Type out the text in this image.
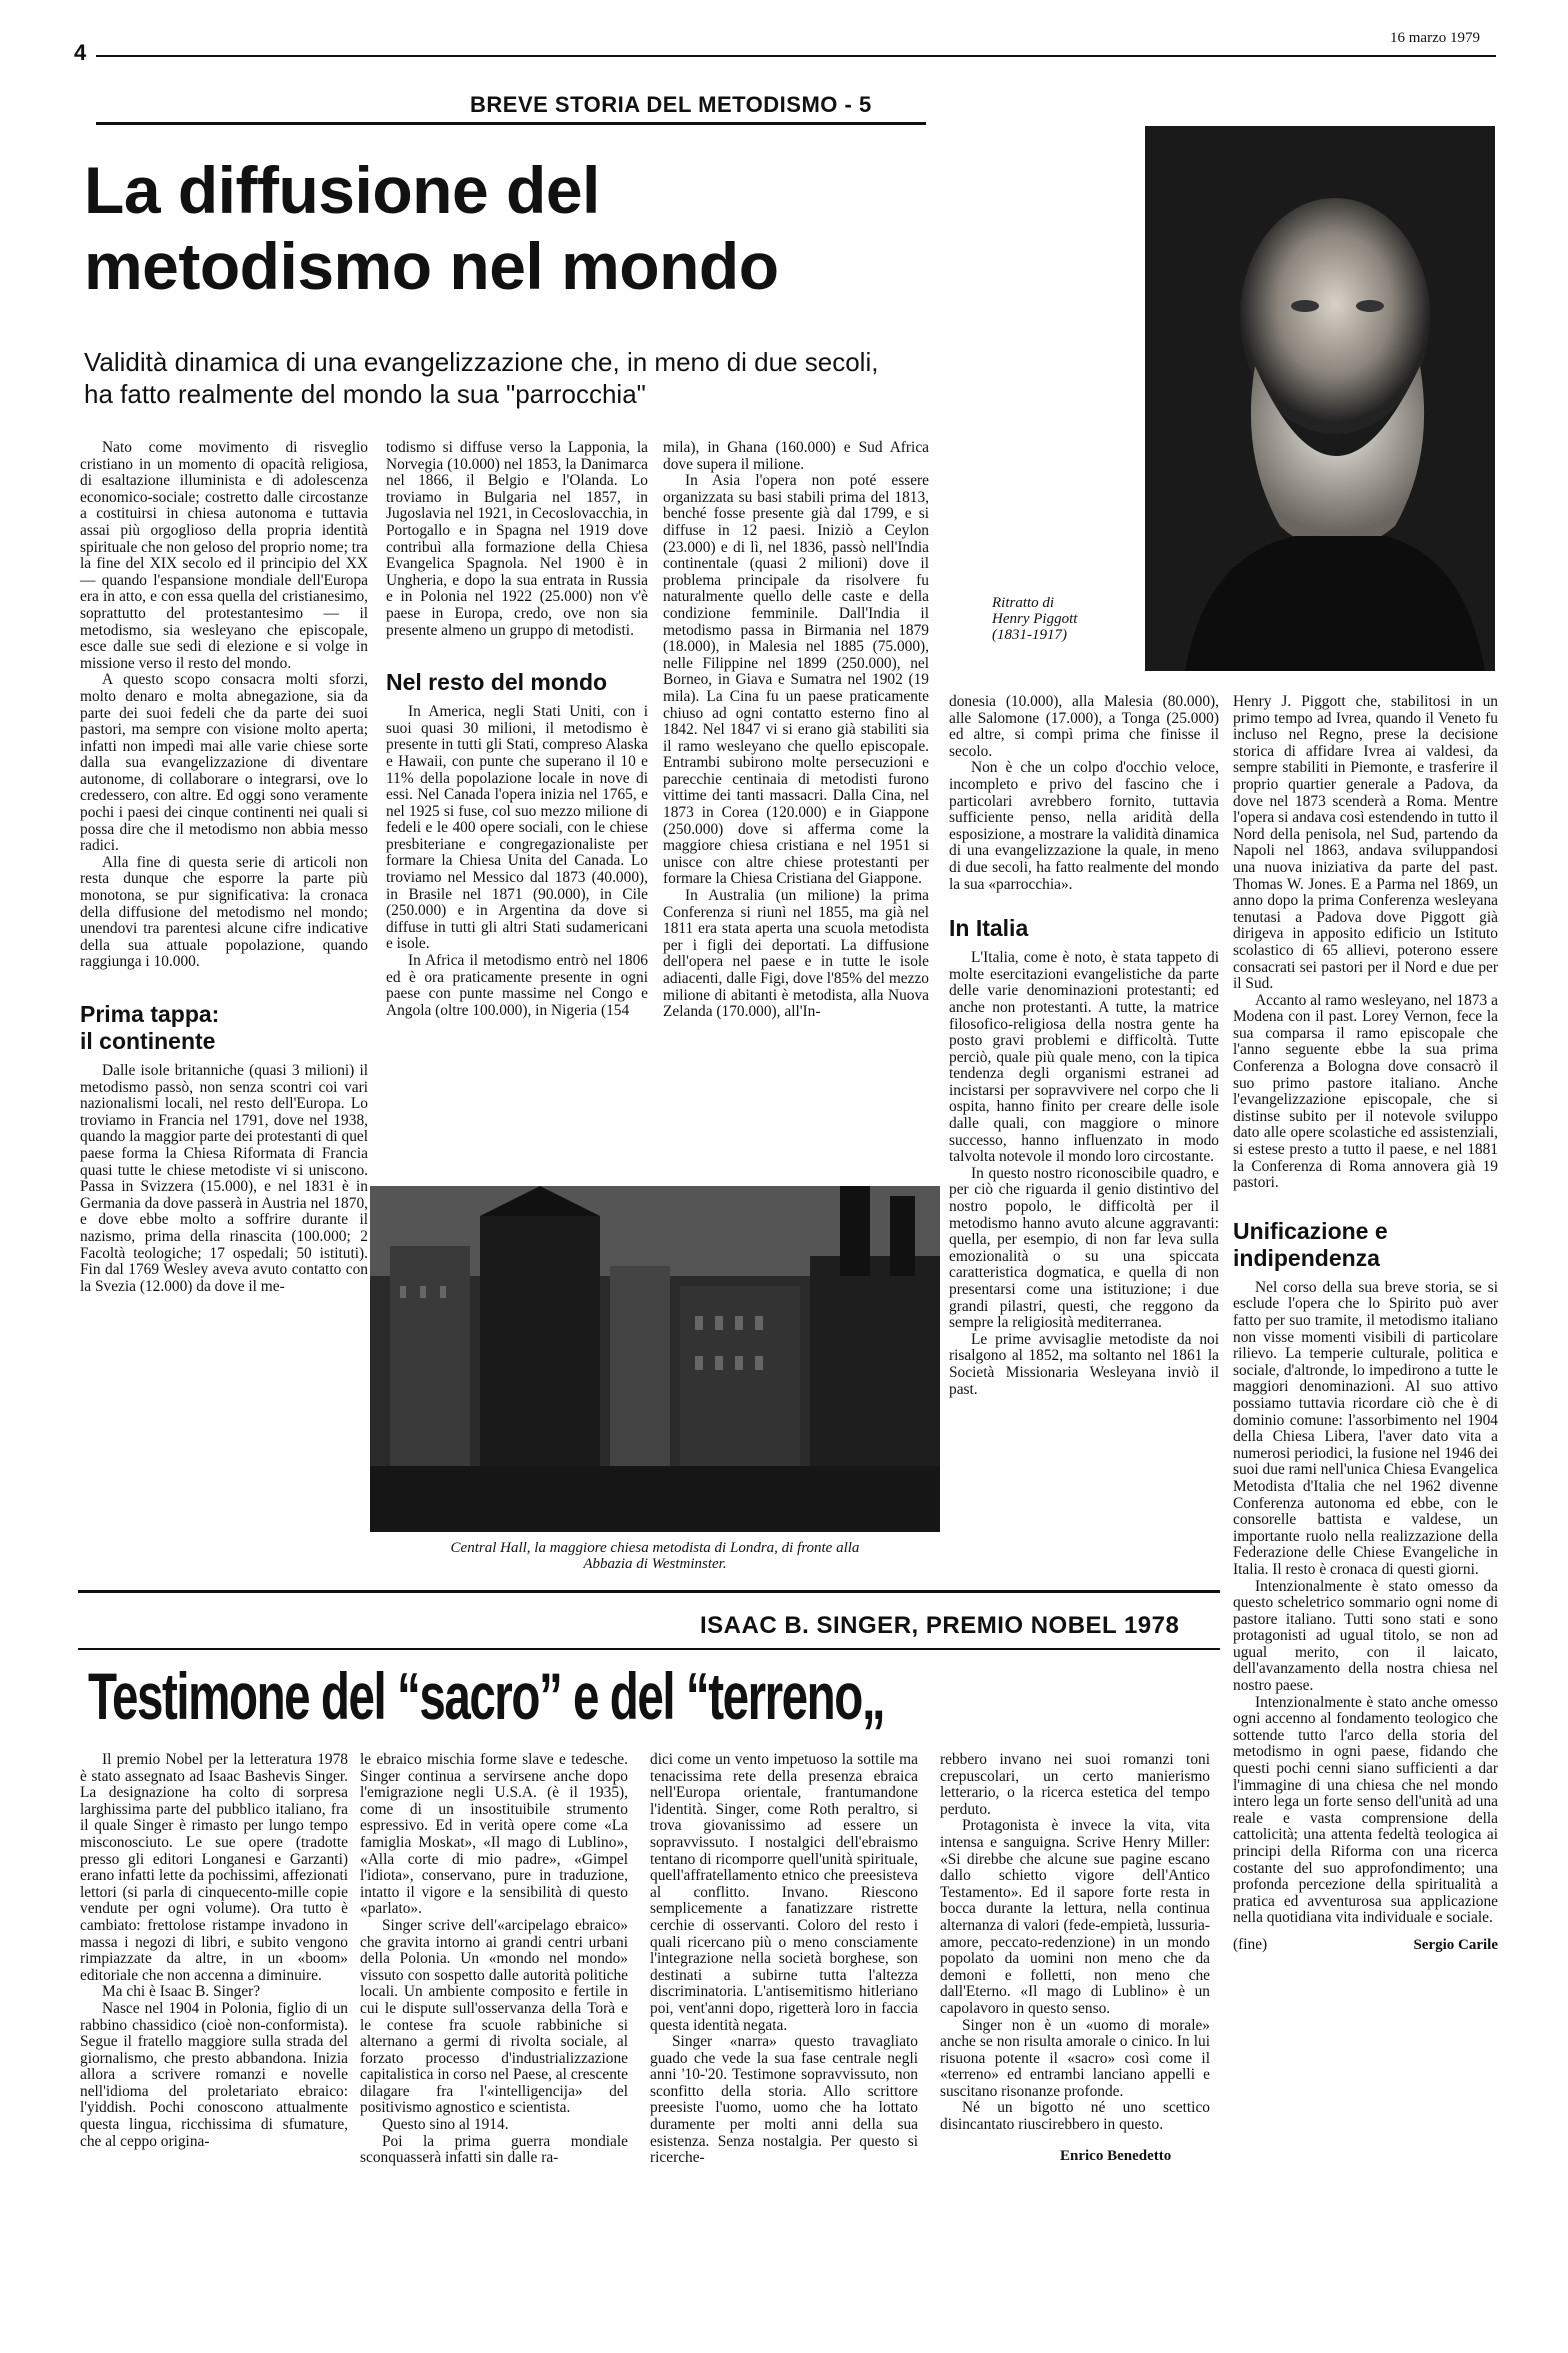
4
16 marzo 1979
BREVE STORIA DEL METODISMO - 5
La diffusione del
metodismo nel mondo
Validità dinamica di una evangelizzazione che, in meno di due secoli,
ha fatto realmente del mondo la sua "parrocchia"
Ritratto di
Henry Piggott
(1831-1917)

Nato come movimento di risveglio cristiano in un momento di opacità religiosa, di esaltazione illuminista e di adolescenza economico-sociale; costretto dalle circostanze a costituirsi in chiesa autonoma e tuttavia assai più orgoglioso della propria identità spirituale che non geloso del proprio nome; tra la fine del XIX secolo ed il principio del XX — quando l'espansione mondiale dell'Europa era in atto, e con essa quella del cristianesimo, soprattutto del protestantesimo — il metodismo, sia wesleyano che episcopale, esce dalle sue sedi di elezione e si volge in missione verso il resto del mondo.

A questo scopo consacra molti sforzi, molto denaro e molta abnegazione, sia da parte dei suoi fedeli che da parte dei suoi pastori, ma sempre con visione molto aperta; infatti non impedì mai alle varie chiese sorte dalla sua evangelizzazione di diventare autonome, di collaborare o integrarsi, ove lo credessero, con altre. Ed oggi sono veramente pochi i paesi dei cinque continenti nei quali si possa dire che il metodismo non abbia messo radici.

Alla fine di questa serie di articoli non resta dunque che esporre la parte più monotona, se pur significativa: la cronaca della diffusione del metodismo nel mondo; unendovi tra parentesi alcune cifre indicative della sua attuale popolazione, quando raggiunga i 10.000.

Prima tappa:
il continente

Dalle isole britanniche (quasi 3 milioni) il metodismo passò, non senza scontri coi vari nazionalismi locali, nel resto dell'Europa. Lo troviamo in Francia nel 1791, dove nel 1938, quando la maggior parte dei protestanti di quel paese forma la Chiesa Riformata di Francia quasi tutte le chiese metodiste vi si uniscono. Passa in Svizzera (15.000), e nel 1831 è in Germania da dove passerà in Austria nel 1870, e dove ebbe molto a soffrire durante il nazismo, prima della rinascita (100.000; 2 Facoltà teologiche; 17 ospedali; 50 istituti). Fin dal 1769 Wesley aveva avuto contatto con la Svezia (12.000) da dove il me-

todismo si diffuse verso la Lapponia, la Norvegia (10.000) nel 1853, la Danimarca nel 1866, il Belgio e l'Olanda. Lo troviamo in Bulgaria nel 1857, in Jugoslavia nel 1921, in Cecoslovacchia, in Portogallo e in Spagna nel 1919 dove contribuì alla formazione della Chiesa Evangelica Spagnola. Nel 1900 è in Ungheria, e dopo la sua entrata in Russia e in Polonia nel 1922 (25.000) non v'è paese in Europa, credo, ove non sia presente almeno un gruppo di metodisti.

Nel resto del mondo

In America, negli Stati Uniti, con i suoi quasi 30 milioni, il metodismo è presente in tutti gli Stati, compreso Alaska e Hawaii, con punte che superano il 10 e 11% della popolazione locale in nove di essi. Nel Canada l'opera inizia nel 1765, e nel 1925 si fuse, col suo mezzo milione di fedeli e le 400 opere sociali, con le chiese presbiteriane e congregazionaliste per formare la Chiesa Unita del Canada. Lo troviamo nel Messico dal 1873 (40.000), in Brasile nel 1871 (90.000), in Cile (250.000) e in Argentina da dove si diffuse in tutti gli altri Stati sudamericani e isole.

In Africa il metodismo entrò nel 1806 ed è ora praticamente presente in ogni paese con punte massime nel Congo e Angola (oltre 100.000), in Nigeria (154

mila), in Ghana (160.000) e Sud Africa dove supera il milione.

In Asia l'opera non poté essere organizzata su basi stabili prima del 1813, benché fosse presente già dal 1799, e si diffuse in 12 paesi. Iniziò a Ceylon (23.000) e di lì, nel 1836, passò nell'India continentale (quasi 2 milioni) dove il problema principale da risolvere fu naturalmente quello delle caste e della condizione femminile. Dall'India il metodismo passa in Birmania nel 1879 (18.000), in Malesia nel 1885 (75.000), nelle Filippine nel 1899 (250.000), nel Borneo, in Giava e Sumatra nel 1902 (19 mila). La Cina fu un paese praticamente chiuso ad ogni contatto esterno fino al 1842. Nel 1847 vi si erano già stabiliti sia il ramo wesleyano che quello episcopale. Entrambi subirono molte persecuzioni e parecchie centinaia di metodisti furono vittime dei tanti massacri. Dalla Cina, nel 1873 in Corea (120.000) e in Giappone (250.000) dove si afferma come la maggiore chiesa cristiana e nel 1951 si unisce con altre chiese protestanti per formare la Chiesa Cristiana del Giappone.

In Australia (un milione) la prima Conferenza si riunì nel 1855, ma già nel 1811 era stata aperta una scuola metodista per i figli dei deportati. La diffusione dell'opera nel paese e in tutte le isole adiacenti, dalle Figi, dove l'85% del mezzo milione di abitanti è metodista, alla Nuova Zelanda (170.000), all'In-

Central Hall, la maggiore chiesa metodista di Londra, di fronte alla
Abbazia di Westminster.

donesia (10.000), alla Malesia (80.000), alle Salomone (17.000), a Tonga (25.000) ed altre, si compì prima che finisse il secolo.

Non è che un colpo d'occhio veloce, incompleto e privo del fascino che i particolari avrebbero fornito, tuttavia sufficiente penso, nella aridità della esposizione, a mostrare la validità dinamica di una evangelizzazione la quale, in meno di due secoli, ha fatto realmente del mondo la sua «parrocchia».

In Italia

L'Italia, come è noto, è stata tappeto di molte esercitazioni evangelistiche da parte delle varie denominazioni protestanti; ed anche non protestanti. A tutte, la matrice filosofico-religiosa della nostra gente ha posto gravi problemi e difficoltà. Tutte perciò, quale più quale meno, con la tipica tendenza degli organismi estranei ad incistarsi per sopravvivere nel corpo che li ospita, hanno finito per creare delle isole dalle quali, con maggiore o minore successo, hanno influenzato in modo talvolta notevole il mondo loro circostante.

In questo nostro riconoscibile quadro, e per ciò che riguarda il genio distintivo del nostro popolo, le difficoltà per il metodismo hanno avuto alcune aggravanti: quella, per esempio, di non far leva sulla emozionalità o su una spiccata caratteristica dogmatica, e quella di non presentarsi come una istituzione; i due grandi pilastri, questi, che reggono da sempre la religiosità mediterranea.

Le prime avvisaglie metodiste da noi risalgono al 1852, ma soltanto nel 1861 la Società Missionaria Wesleyana inviò il past.

Henry J. Piggott che, stabilitosi in un primo tempo ad Ivrea, quando il Veneto fu incluso nel Regno, prese la decisione storica di affidare Ivrea ai valdesi, da sempre stabiliti in Piemonte, e trasferire il proprio quartier generale a Padova, da dove nel 1873 scenderà a Roma. Mentre l'opera si andava così estendendo in tutto il Nord della penisola, nel Sud, partendo da Napoli nel 1863, andava sviluppandosi una nuova iniziativa da parte del past. Thomas W. Jones. E a Parma nel 1869, un anno dopo la prima Conferenza wesleyana tenutasi a Padova dove Piggott già dirigeva in apposito edificio un Istituto scolastico di 65 allievi, poterono essere consacrati sei pastori per il Nord e due per il Sud.

Accanto al ramo wesleyano, nel 1873 a Modena con il past. Lorey Vernon, fece la sua comparsa il ramo episcopale che l'anno seguente ebbe la sua prima Conferenza a Bologna dove consacrò il suo primo pastore italiano. Anche l'evangelizzazione episcopale, che si distinse subito per il notevole sviluppo dato alle opere scolastiche ed assistenziali, si estese presto a tutto il paese, e nel 1881 la Conferenza di Roma annovera già 19 pastori.

Unificazione e
indipendenza

Nel corso della sua breve storia, se si esclude l'opera che lo Spirito può aver fatto per suo tramite, il metodismo italiano non visse momenti visibili di particolare rilievo. La temperie culturale, politica e sociale, d'altronde, lo impedirono a tutte le maggiori denominazioni. Al suo attivo possiamo tuttavia ricordare ciò che è di dominio comune: l'assorbimento nel 1904 della Chiesa Libera, l'aver dato vita a numerosi periodici, la fusione nel 1946 dei suoi due rami nell'unica Chiesa Evangelica Metodista d'Italia che nel 1962 divenne Conferenza autonoma ed ebbe, con le consorelle battista e valdese, un importante ruolo nella realizzazione della Federazione delle Chiese Evangeliche in Italia. Il resto è cronaca di questi giorni.

Intenzionalmente è stato omesso da questo scheletrico sommario ogni nome di pastore italiano. Tutti sono stati e sono protagonisti ad ugual titolo, se non ad ugual merito, con il laicato, dell'avanzamento della nostra chiesa nel nostro paese.

Intenzionalmente è stato anche omesso ogni accenno al fondamento teologico che sottende tutto l'arco della storia del metodismo in ogni paese, fidando che questi pochi cenni siano sufficienti a dar l'immagine di una chiesa che nel mondo intero lega un forte senso dell'unità ad una reale e vasta comprensione della cattolicità; una attenta fedeltà teologica ai principi della Riforma con una ricerca costante del suo approfondimento; una profonda percezione della spiritualità a pratica ed avventurosa sua applicazione nella quotidiana vita individuale e sociale.

(fine)	Sergio Carile
ISAAC B. SINGER, PREMIO NOBEL 1978
Testimone del “sacro” e del “terreno„

Il premio Nobel per la letteratura 1978 è stato assegnato ad Isaac Bashevis Singer. La designazione ha colto di sorpresa larghissima parte del pubblico italiano, fra il quale Singer è rimasto per lungo tempo misconosciuto. Le sue opere (tradotte presso gli editori Longanesi e Garzanti) erano infatti lette da pochissimi, affezionati lettori (si parla di cinquecento-mille copie vendute per ogni volume). Ora tutto è cambiato: frettolose ristampe invadono in massa i negozi di libri, e subito vengono rimpiazzate da altre, in un «boom» editoriale che non accenna a diminuire.

Ma chi è Isaac B. Singer?

Nasce nel 1904 in Polonia, figlio di un rabbino chassidico (cioè non-conformista). Segue il fratello maggiore sulla strada del giornalismo, che presto abbandona. Inizia allora a scrivere romanzi e novelle nell'idioma del proletariato ebraico: l'yiddish. Pochi conoscono attualmente questa lingua, ricchissima di sfumature, che al ceppo origina-

le ebraico mischia forme slave e tedesche. Singer continua a servirsene anche dopo l'emigrazione negli U.S.A. (è il 1935), come di un insostituibile strumento espressivo. Ed in verità opere come «La famiglia Moskat», «Il mago di Lublino», «Alla corte di mio padre», «Gimpel l'idiota», conservano, pure in traduzione, intatto il vigore e la sensibilità di questo «parlato».

Singer scrive dell'«arcipelago ebraico» che gravita intorno ai grandi centri urbani della Polonia. Un «mondo nel mondo» vissuto con sospetto dalle autorità politiche locali. Un ambiente composito e fertile in cui le dispute sull'osservanza della Torà e le contese fra scuole rabbiniche si alternano a germi di rivolta sociale, al forzato processo d'industrializzazione capitalistica in corso nel Paese, al crescente dilagare fra l'«intelligencija» del positivismo agnostico e scientista.

Questo sino al 1914.

Poi la prima guerra mondiale sconquasserà infatti sin dalle ra-

dici come un vento impetuoso la sottile ma tenacissima rete della presenza ebraica nell'Europa orientale, frantumandone l'identità. Singer, come Roth peraltro, si trova giovanissimo ad essere un sopravvissuto. I nostalgici dell'ebraismo tentano di ricomporre quell'unità spirituale, quell'affratellamento etnico che preesisteva al conflitto. Invano. Riescono semplicemente a fanatizzare ristrette cerchie di osservanti. Coloro del resto i quali ricercano più o meno consciamente l'integrazione nella società borghese, son destinati a subirne tutta l'altezza discriminatoria. L'antisemitismo hitleriano poi, vent'anni dopo, rigetterà loro in faccia questa identità negata.

Singer «narra» questo travagliato guado che vede la sua fase centrale negli anni '10-'20. Testimone sopravvissuto, non sconfitto della storia. Allo scrittore preesiste l'uomo, uomo che ha lottato duramente per molti anni della sua esistenza. Senza nostalgia. Per questo si ricerche-

rebbero invano nei suoi romanzi toni crepuscolari, un certo manierismo letterario, o la ricerca estetica del tempo perduto.

Protagonista è invece la vita, vita intensa e sanguigna. Scrive Henry Miller: «Si direbbe che alcune sue pagine escano dallo schietto vigore dell'Antico Testamento». Ed il sapore forte resta in bocca durante la lettura, nella continua alternanza di valori (fede-empietà, lussuria-amore, peccato-redenzione) in un mondo popolato da uomini non meno che da demoni e folletti, non meno che dall'Eterno. «Il mago di Lublino» è un capolavoro in questo senso.

Singer non è un «uomo di morale» anche se non risulta amorale o cinico. In lui risuona potente il «sacro» così come il «terreno» ed entrambi lanciano appelli e suscitano risonanze profonde.

Né un bigotto né uno scettico disincantato riuscirebbero in questo.

Enrico Benedetto
